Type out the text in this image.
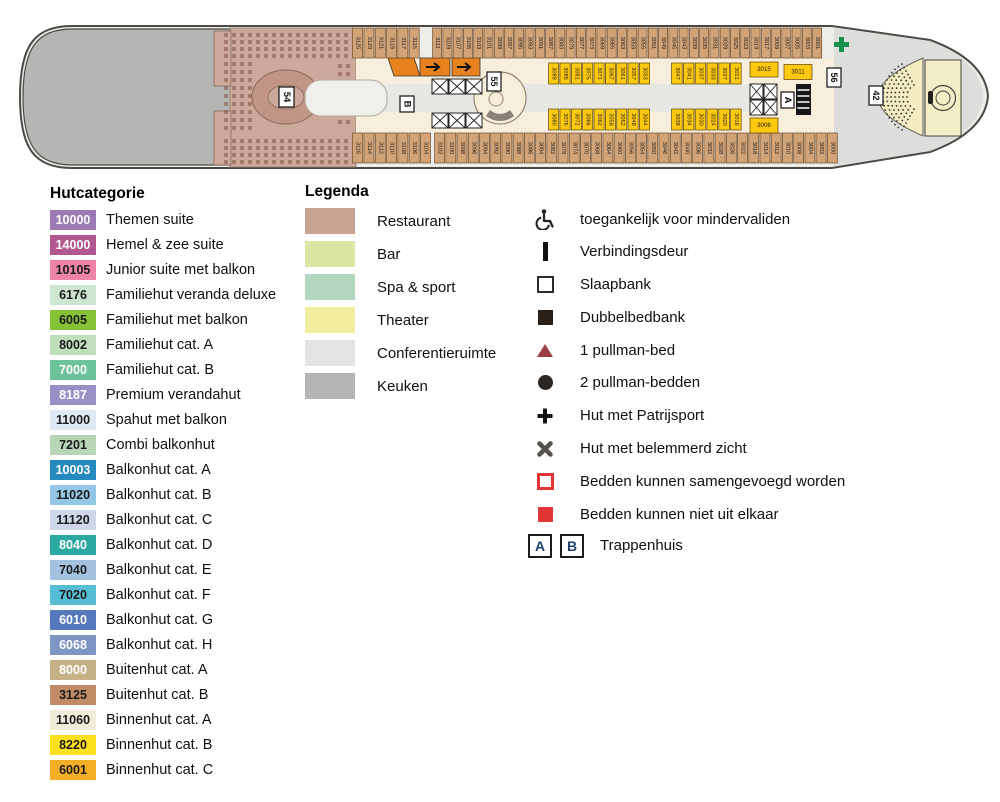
3125 3123 3121 3119 3117 3115	3111 3109 3107 3105 3103 3101 3099 3097 3095 3093 3091 3087 3083 3079 3077 3073 3069 3065 3063 3059 3055 3051 3049 3045 3043 3039 3035 3031 3029 3025 3023 3019 3017 3009 3007 3005 3003 3001
3116 3114 3112 3110 3108 3106 3104 3102 3100 3098 3096 3094 3092 3090 3088 3086 3084 3082 3078 3074 3070 3068 3064 3060 3056 3054 3050 3046 3042 3040 3036 3032 3028 3026 3022 3018 3014 3012 3010 3008 3004 3002 3000
3089 3085 3081 3075 3071 3067 3061 3057 3053	3047 3041 3037 3033 3027 3021
3080 3076 3072 3066 3062 3058 3052 3048 3044	3038 3034 3030 3024 3020 3016
3015	3011
3006
54
B
55
A
56
42
Hutcategorie
10000	Themen suite
14000	Hemel & zee suite
10105	Junior suite met balkon
6176	Familiehut veranda deluxe
6005	Familiehut met balkon
8002	Familiehut cat. A
7000	Familiehut cat. B
8187	Premium verandahut
11000	Spahut met balkon
7201	Combi balkonhut
10003	Balkonhut cat. A
11020	Balkonhut cat. B
11120	Balkonhut cat. C
8040	Balkonhut cat. D
7040	Balkonhut cat. E
7020	Balkonhut cat. F
6010	Balkonhut cat. G
6068	Balkonhut cat. H
8000	Buitenhut cat. A
3125	Buitenhut cat. B
11060	Binnenhut cat. A
8220	Binnenhut cat. B
6001	Binnenhut cat. C
Legenda
Restaurant
Bar
Spa & sport
Theater
Conferentieruimte
Keuken
toegankelijk voor mindervaliden
Verbindingsdeur
Slaapbank
Dubbelbedbank
1 pullman-bed
2 pullman-bedden
Hut met Patrijsport
Hut met belemmerd zicht
Bedden kunnen samengevoegd worden
Bedden kunnen niet uit elkaar
A	B	Trappenhuis
